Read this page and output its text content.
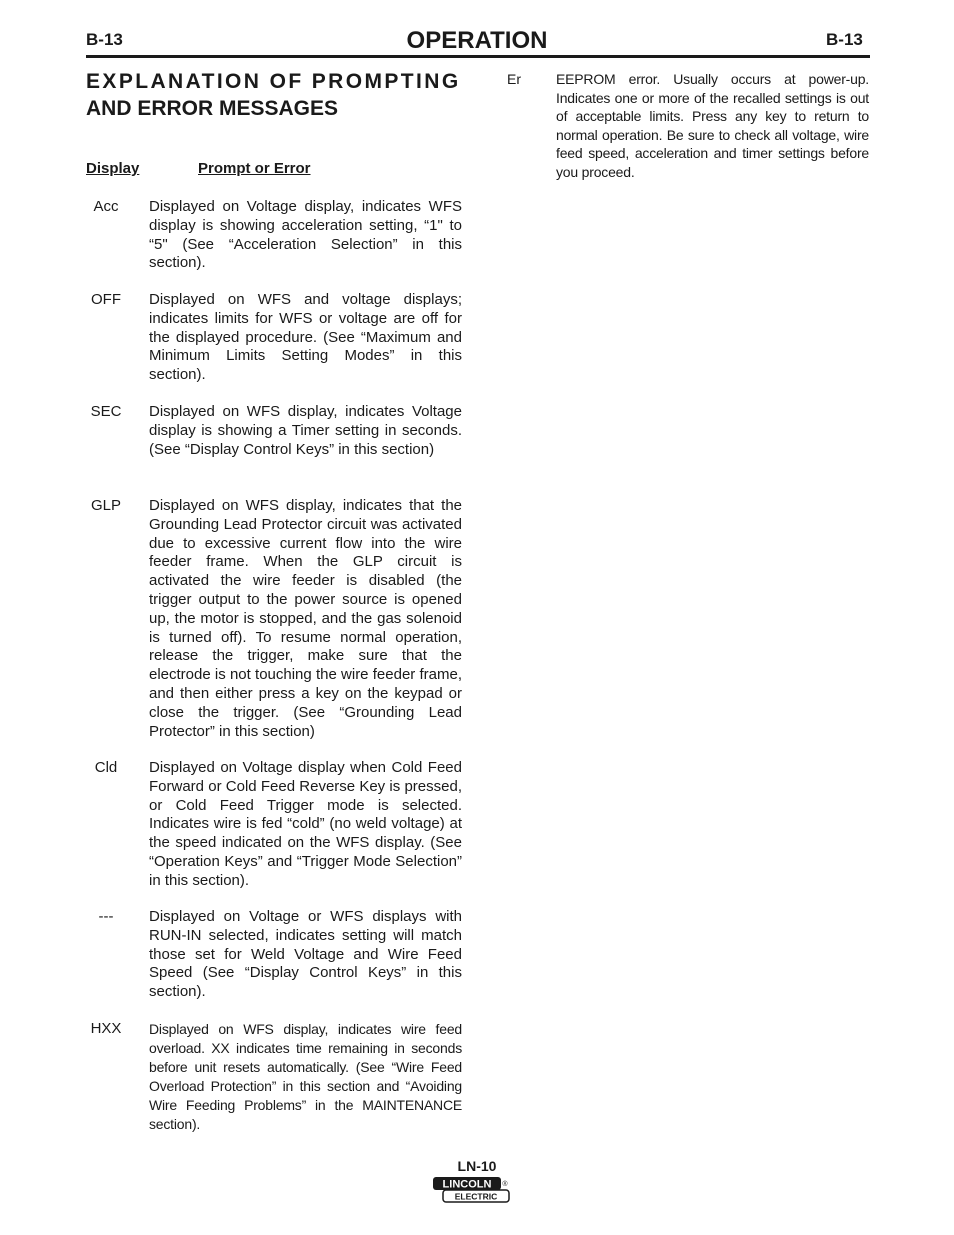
B-13	OPERATION	B-13
EXPLANATION OF PROMPTING
AND ERROR MESSAGES
Display	Prompt or Error
Acc	Displayed on Voltage display, indicates WFS display is showing acceleration setting, “1" to “5" (See “Acceleration Selection” in this section).

OFF	Displayed on WFS and voltage displays; indicates limits for WFS or voltage are off for the displayed procedure. (See “Maximum and Minimum Limits Setting Modes” in this section).

SEC	Displayed on WFS display, indicates Voltage display is showing a Timer setting in seconds. (See “Display Control Keys” in this section)

GLP	Displayed on WFS display, indicates that the Grounding Lead Protector circuit was activated due to excessive current flow into the wire feeder frame. When the GLP circuit is activated the wire feeder is disabled (the trigger output to the power source is opened up, the motor is stopped, and the gas solenoid is turned off). To resume normal operation, release the trigger, make sure that the electrode is not touching the wire feeder frame, and then either press a key on the keypad or close the trigger. (See “Grounding Lead Protector” in this section)

Cld	Displayed on Voltage display when Cold Feed Forward or Cold Feed Reverse Key is pressed, or Cold Feed Trigger mode is selected. Indicates wire is fed “cold” (no weld voltage) at the speed indicated on the WFS display. (See “Operation Keys” and “Trigger Mode Selection” in this section).

---	Displayed on Voltage or WFS displays with RUN-IN selected, indicates setting will match those set for Weld Voltage and Wire Feed Speed (See “Display Control Keys” in this section).

HXX	Displayed on WFS display, indicates wire feed overload. XX indicates time remaining in seconds before unit resets automatically. (See “Wire Feed Overload Protection” in this section and “Avoiding Wire Feeding Problems” in the MAINTENANCE section).

Er	EEPROM error. Usually occurs at power-up. Indicates one or more of the recalled settings is out of acceptable limits. Press any key to return to normal operation. Be sure to check all voltage, wire feed speed, acceleration and timer settings before you proceed.

LN-10
LINCOLN
ELECTRIC
®
